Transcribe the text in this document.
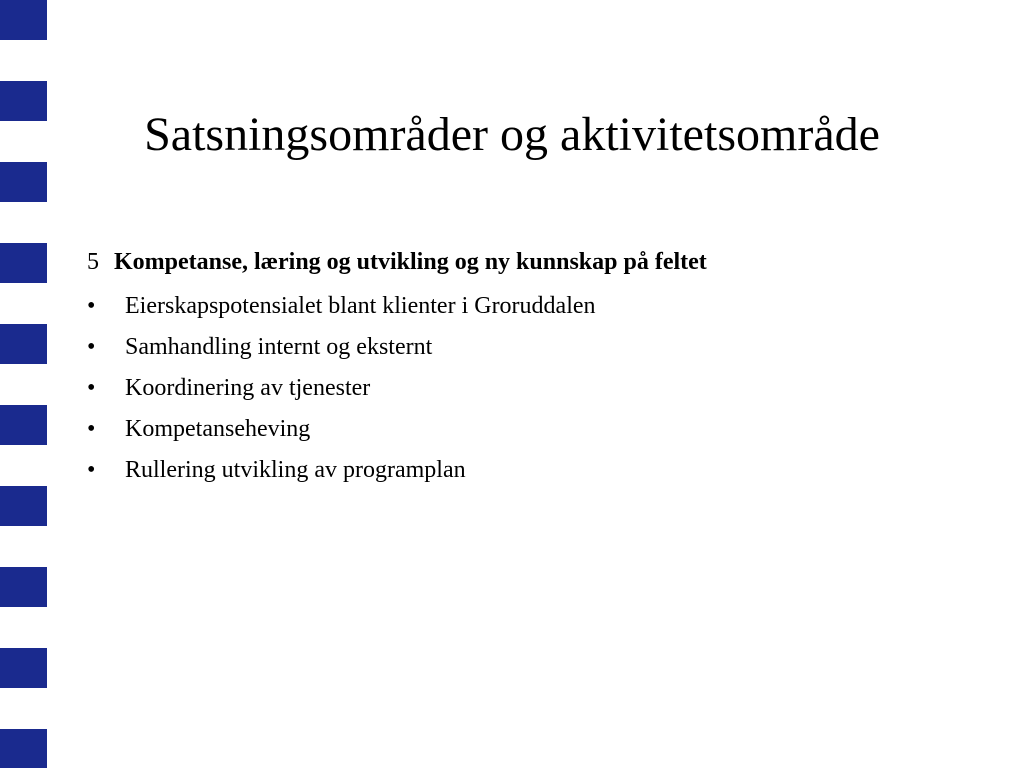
Satsningsområder og aktivitetsområde
5 Kompetanse, læring og utvikling og ny kunnskap på feltet
• Eierskapspotensialet blant klienter i Groruddalen
• Samhandling internt og eksternt
• Koordinering av tjenester
• Kompetanseheving
• Rullering utvikling av programplan
